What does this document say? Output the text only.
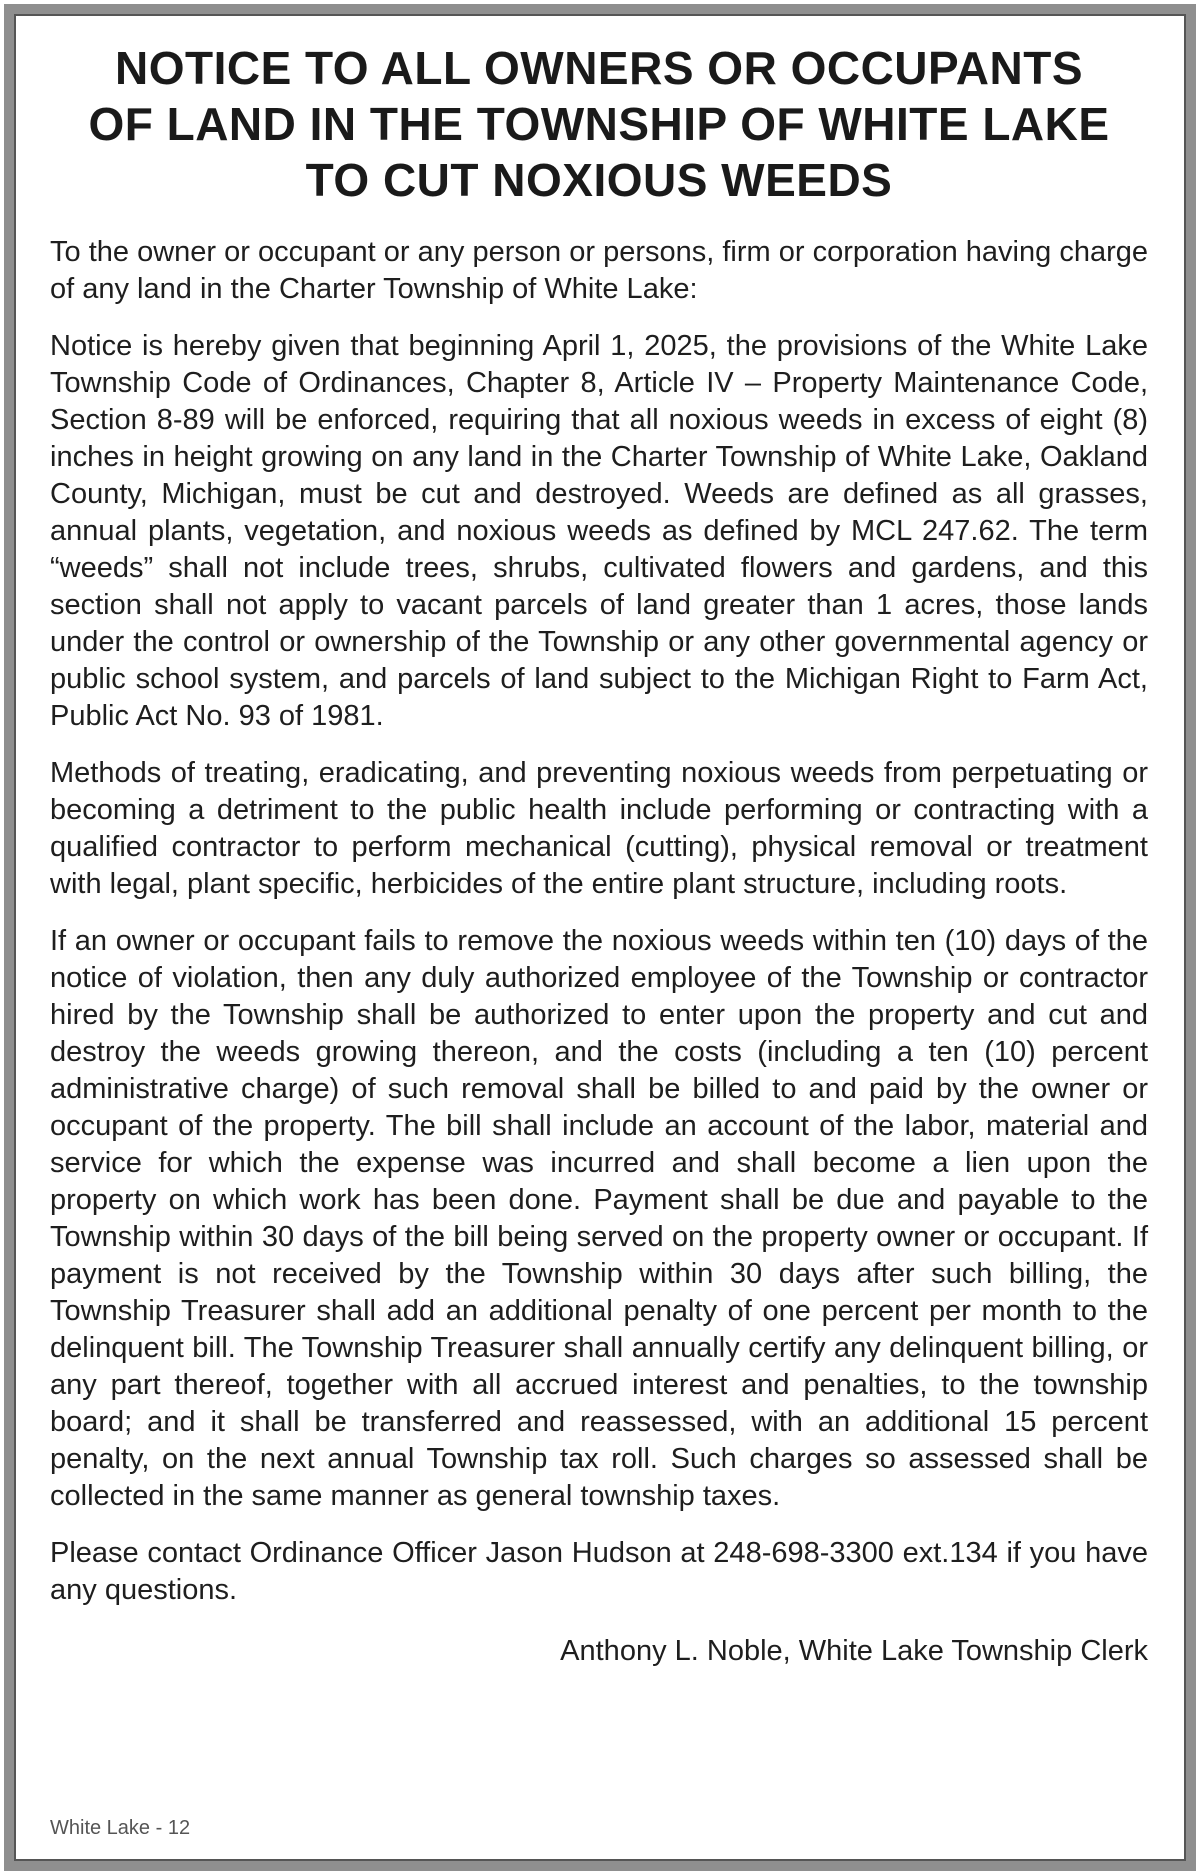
NOTICE TO ALL OWNERS OR OCCUPANTS
OF LAND IN THE TOWNSHIP OF WHITE LAKE
TO CUT NOXIOUS WEEDS

To the owner or occupant or any person or persons, firm or corporation having charge of any land in the Charter Township of White Lake:

Notice is hereby given that beginning April 1, 2025, the provisions of the White Lake Township Code of Ordinances, Chapter 8, Article IV – Property Maintenance Code, Section 8-89 will be enforced, requiring that all noxious weeds in excess of eight (8) inches in height growing on any land in the Charter Township of White Lake, Oakland County, Michigan, must be cut and destroyed. Weeds are defined as all grasses, annual plants, vegetation, and noxious weeds as defined by MCL 247.62. The term “weeds” shall not include trees, shrubs, cultivated flowers and gardens, and this section shall not apply to vacant parcels of land greater than 1 acres, those lands under the control or ownership of the Township or any other governmental agency or public school system, and parcels of land subject to the Michigan Right to Farm Act, Public Act No. 93 of 1981.

Methods of treating, eradicating, and preventing noxious weeds from perpetuating or becoming a detriment to the public health include performing or contracting with a qualified contractor to perform mechanical (cutting), physical removal or treatment with legal, plant specific, herbicides of the entire plant structure, including roots.

If an owner or occupant fails to remove the noxious weeds within ten (10) days of the notice of violation, then any duly authorized employee of the Township or contractor hired by the Township shall be authorized to enter upon the property and cut and destroy the weeds growing thereon, and the costs (including a ten (10) percent administrative charge) of such removal shall be billed to and paid by the owner or occupant of the property. The bill shall include an account of the labor, material and service for which the expense was incurred and shall become a lien upon the property on which work has been done. Payment shall be due and payable to the Township within 30 days of the bill being served on the property owner or occupant. If payment is not received by the Township within 30 days after such billing, the Township Treasurer shall add an additional penalty of one percent per month to the delinquent bill. The Township Treasurer shall annually certify any delinquent billing, or any part thereof, together with all accrued interest and penalties, to the township board; and it shall be transferred and reassessed, with an additional 15 percent penalty, on the next annual Township tax roll. Such charges so assessed shall be collected in the same manner as general township taxes.

Please contact Ordinance Officer Jason Hudson at 248-698-3300 ext.134 if you have any questions.

Anthony L. Noble, White Lake Township Clerk
White Lake - 12
